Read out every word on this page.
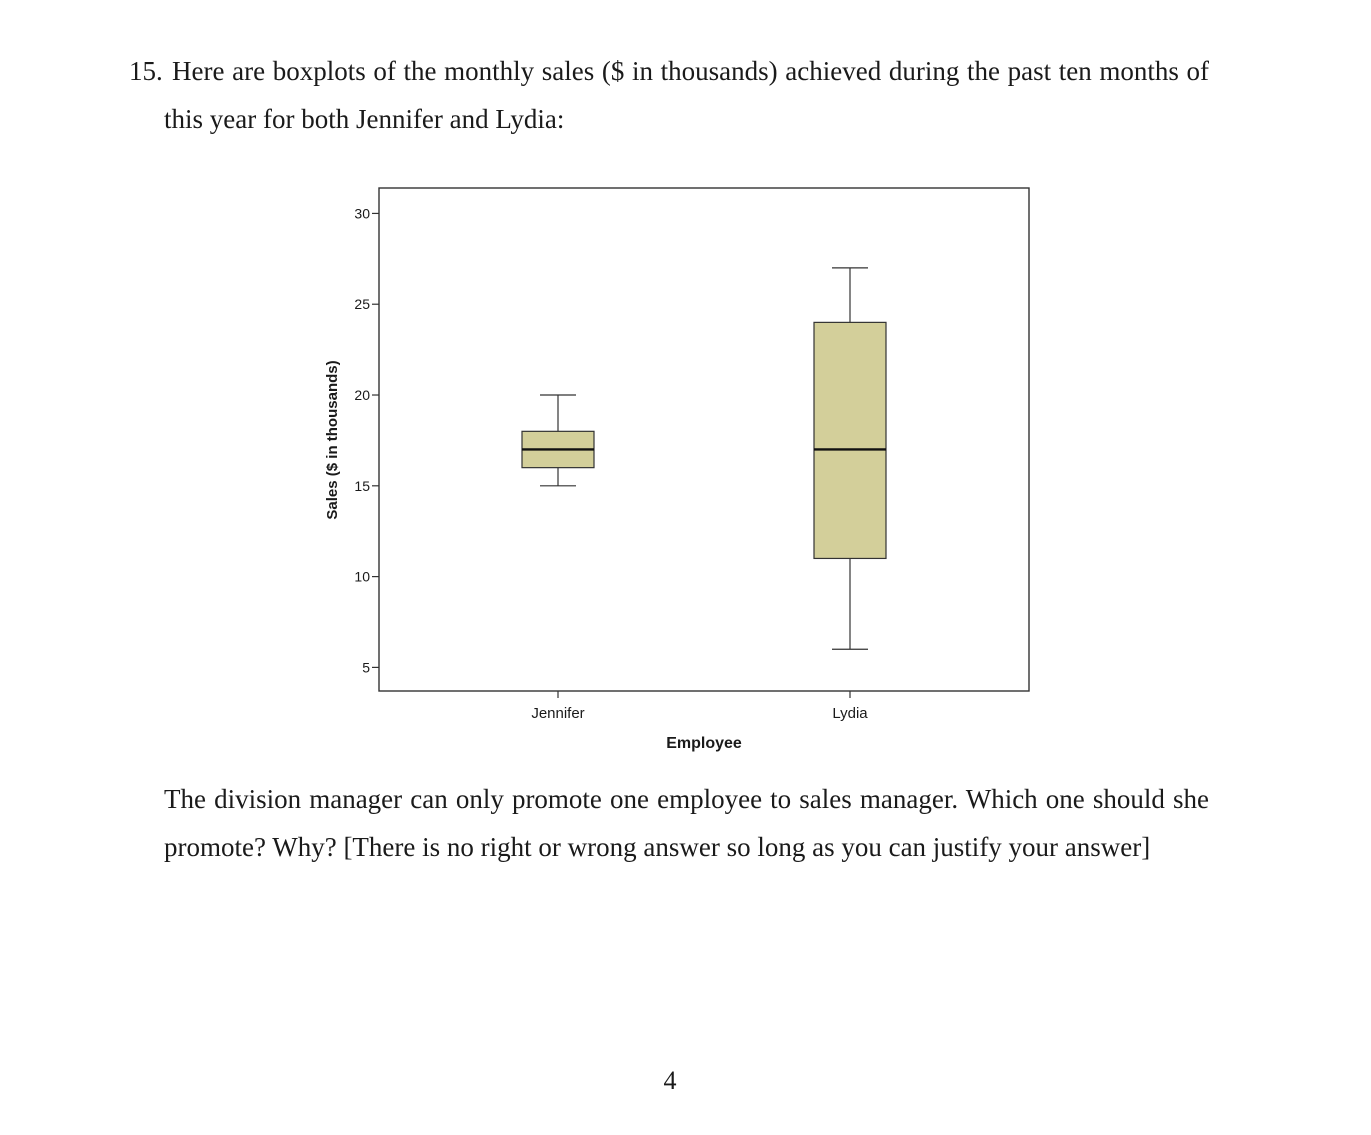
15. Here are boxplots of the monthly sales ($ in thousands) achieved during the past ten months of this year for both Jennifer and Lydia:
5
10
15
20
25
30
Jennifer	Lydia
Sales ($ in thousands)
Employee
The division manager can only promote one employee to sales manager. Which one should she promote? Why? [There is no right or wrong answer so long as you can justify your answer]
4
